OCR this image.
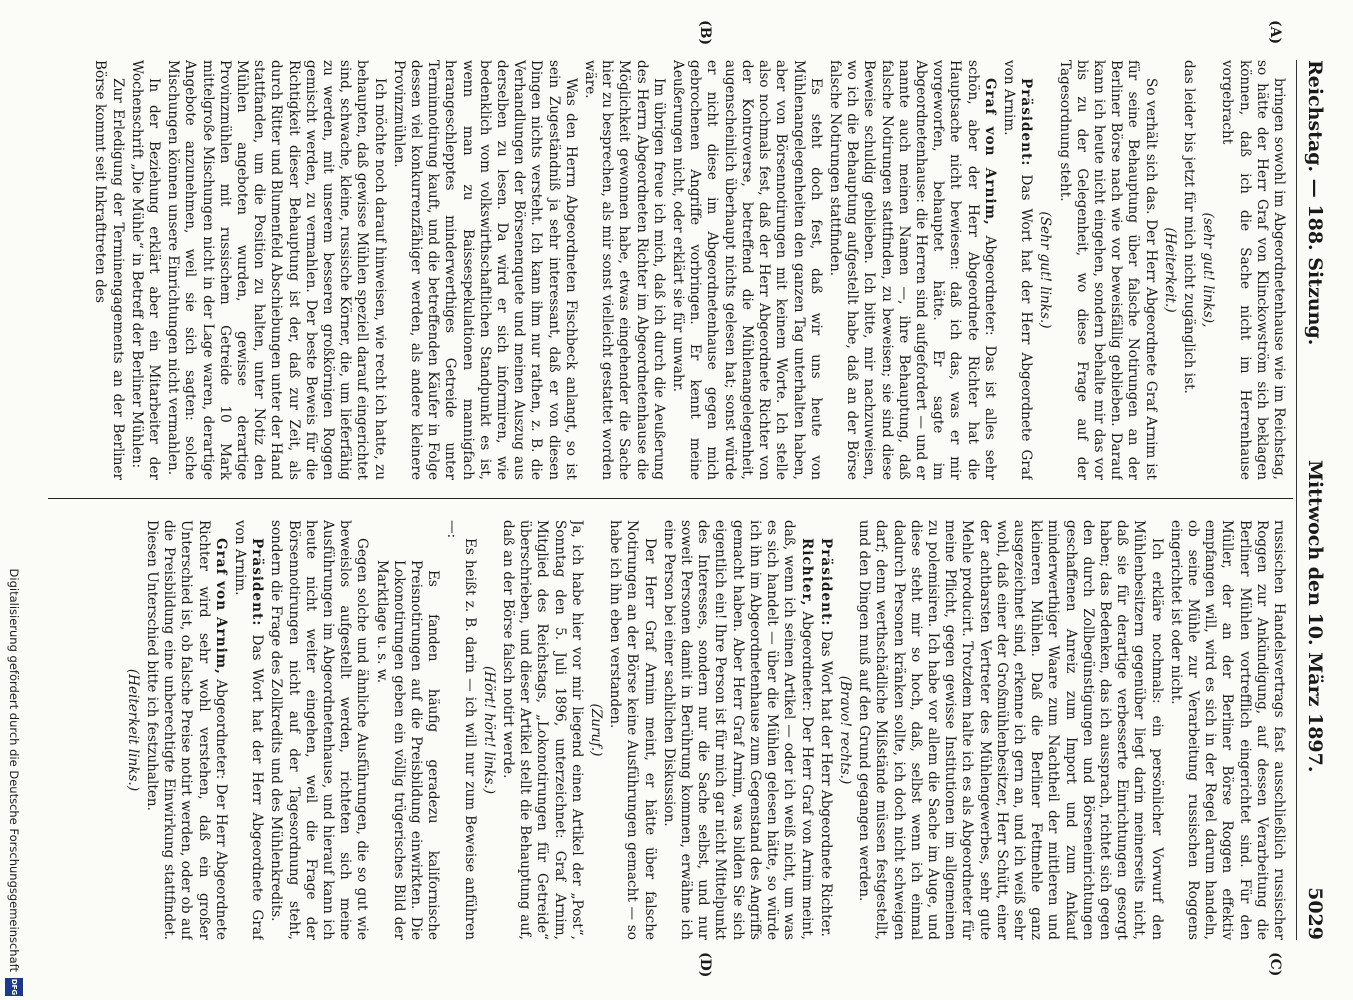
Reichstag. — 188. Sitzung.
Mittwoch den 10. März 1897.
5029
(A)
(B)
(C)
(D)

bringen sowohl im Abgeordnetenhause wie im Reichstag, so hätte der Herr Graf von Klinckowström sich beklagen können, daß ich die Sache nicht im Herrenhause vorgebracht

(sehr gut! links),

das leider bis jetzt für mich nicht zugänglich ist.

(Heiterkeit.)

So verhält sich das. Der Herr Abgeordnete Graf Arnim ist für seine Behauptung über falsche Notirungen an der Berliner Börse nach wie vor beweisfällig geblieben. Darauf kann ich heute nicht eingehen, sondern behalte mir das vor bis zu der Gelegenheit, wo diese Frage auf der Tagesordnung steht.

(Sehr gut! links.)

Präsident: Das Wort hat der Herr Abgeordnete Graf von Arnim.

Graf von Arnim, Abgeordneter: Das ist alles sehr schön, aber der Herr Abgeordnete Richter hat die Hauptsache nicht bewiesen: daß ich das, was er mir vorgeworfen, behauptet hätte. Er sagte im Abgeordnetenhause: die Herren sind aufgefordert — und er nannte auch meinen Namen —, ihre Behauptung, daß falsche Notirungen stattfinden, zu beweisen; sie sind diese Beweise schuldig geblieben. Ich bitte, mir nachzuweisen, wo ich die Behauptung aufgestellt habe, daß an der Börse falsche Notirungen stattfinden.

Es steht doch fest, daß wir uns heute von Mühlenangelegenheiten den ganzen Tag unterhalten haben, aber von Börsennotirungen mit keinem Worte. Ich stelle also nochmals fest, daß der Herr Abgeordnete Richter von der Kontroverse, betreffend die Mühlenangelegenheit, augenscheinlich überhaupt nichts gelesen hat; sonst würde er nicht diese im Abgeordnetenhause gegen mich gebrochenen Angriffe vorbringen. Er kennt meine Aeußerungen nicht, oder erklärt sie für unwahr.

Im übrigen freue ich mich, daß ich durch die Aeußerung des Herrn Abgeordneten Richter im Abgeordnetenhause die Möglichkeit gewonnen habe, etwas eingehender die Sache hier zu besprechen, als mir sonst vielleicht gestattet worden wäre.

Was den Herrn Abgeordneten Fischbeck anlangt, so ist sein Zugeständniß ja sehr interessant, daß er von diesen Dingen nichts versteht. Ich kann ihm nur rathen, z. B. die Verhandlungen der Börsenenquete und meinen Auszug aus derselben zu lesen. Da wird er sich informiren, wie bedenklich vom volkswirthschaftlichen Standpunkt es ist, wenn man zu Baissespekulationen mannigfach herangeschlepptes minderwerthiges Getreide unter Terminnotirung kauft, und die betreffenden Käufer in Folge dessen viel konkurrenzfähiger werden, als andere kleinere Provinzmühlen.

Ich möchte noch darauf hinweisen, wie recht ich hatte, zu behaupten, daß gewisse Mühlen speziell darauf eingerichtet sind, schwache, kleine, russische Körner, die, um lieferfähig zu werden, mit unserem besseren großkörnigen Roggen gemischt werden, zu vermahlen. Der beste Beweis für die Richtigkeit dieser Behauptung ist der, daß zur Zeit, als durch Ritter und Blumenfeld Abschiebungen unter der Hand stattfanden, um die Position zu halten, unter Notiz den Mühlen angeboten wurden, gewisse derartige Provinzmühlen mit russischem Getreide 10 Mark mittelgroße Mischungen nicht in der Lage waren, derartige Angebote anzunehmen, weil sie sich sagten: solche Mischungen können unsere Einrichtungen nicht vermahlen.

In der Beziehung erklärt aber ein Mitarbeiter der Wochenschrift „Die Mühle“ in Betreff der Berliner Mühlen:

Zur Erledigung der Terminengagements an der Berliner Börse kommt seit Inkrafttreten des

russischen Handelsvertrags fast ausschließlich russischer Roggen zur Ankündigung, auf dessen Verarbeitung die Berliner Mühlen vortrefflich eingerichtet sind. Für den Müller, der an der Berliner Börse Roggen effektiv empfangen will, wird es sich in der Regel darum handeln, ob seine Mühle zur Verarbeitung russischen Roggens eingerichtet ist oder nicht.

Ich erkläre nochmals: ein persönlicher Vorwurf den Mühlenbesitzern gegenüber liegt darin meinerseits nicht, daß sie für derartige verbesserte Einrichtungen gesorgt haben; das Bedenken, das ich aussprach, richtet sich gegen den durch Zollbegünstigungen und Börseneinrichtungen geschaffenen Anreiz zum Import und zum Ankauf minderwerthiger Waare zum Nachtheil der mittleren und kleineren Mühlen. Daß die Berliner Fettmehle ganz ausgezeichnet sind, erkenne ich gern an, und ich weiß sehr wohl, daß einer der Großmühlenbesitzer, Herr Schütt, einer der achtbarsten Vertreter des Mühlengewerbes, sehr gute Mehle producirt. Trotzdem halte ich es als Abgeordneter für meine Pflicht, gegen gewisse Institutionen im allgemeinen zu polemisiren. Ich habe vor allem die Sache im Auge, und diese steht mir so hoch, daß, selbst wenn ich einmal dadurch Personen kränken sollte, ich doch nicht schweigen darf; denn werthschädliche Mißstände müssen festgestellt, und den Dingen muß auf den Grund gegangen werden.

(Bravo! rechts.)

Präsident: Das Wort hat der Herr Abgeordnete Richter.

Richter, Abgeordneter: Der Herr Graf von Arnim meint, daß, wenn ich seinen Artikel — oder ich weiß nicht, um was es sich handelt — über die Mühlen gelesen hätte, so würde ich ihn im Abgeordnetenhause zum Gegenstand des Angriffs gemacht haben. Aber Herr Graf Arnim, was bilden Sie sich eigentlich ein! Ihre Person ist für mich gar nicht Mittelpunkt des Interesses, sondern nur die Sache selbst, und nur soweit Personen damit in Berührung kommen, erwähne ich eine Person bei einer sachlichen Diskussion.

Der Herr Graf Arnim meint, er hätte über falsche Notirungen an der Börse keine Ausführungen gemacht — so habe ich ihn eben verstanden.

(Zuruf.)

Ja, ich habe hier vor mir liegend einen Artikel der „Post“, Sonntag den 5. Juli 1896, unterzeichnet: Graf Arnim, Mitglied des Reichstags, „Lokonotirungen für Getreide“ überschrieben, und dieser Artikel stellt die Behauptung auf, daß an der Börse falsch notirt werde.

(Hört! hört! links.)

Es heißt z. B. darin — ich will nur zum Beweise anführen —:

Es fanden häufig geradezu kalifornische Preisnotirungen auf die Preisbildung einwirkten. Die Lokonotirungen geben ein völlig trügerisches Bild der Marktlage u. s. w.

Gegen solche und ähnliche Ausführungen, die so gut wie beweislos aufgestellt werden, richteten sich meine Ausführungen im Abgeordnetenhause, und hierauf kann ich heute nicht weiter eingehen, weil die Frage der Börsennotirungen nicht auf der Tagesordnung steht, sondern die Frage des Zollkredits und des Mühlenkredits.

Präsident: Das Wort hat der Herr Abgeordnete Graf von Arnim.

Graf von Arnim, Abgeordneter: Der Herr Abgeordnete Richter wird sehr wohl verstehen, daß ein großer Unterschied ist, ob falsche Preise notirt werden, oder ob auf die Preisbildung eine unberechtigte Einwirkung stattfindet. Diesen Unterschied bitte ich festzuhalten.

(Heiterkeit links.)

Digitalisierung gefördert durch die Deutsche Forschungsgemeinschaft
DFG
